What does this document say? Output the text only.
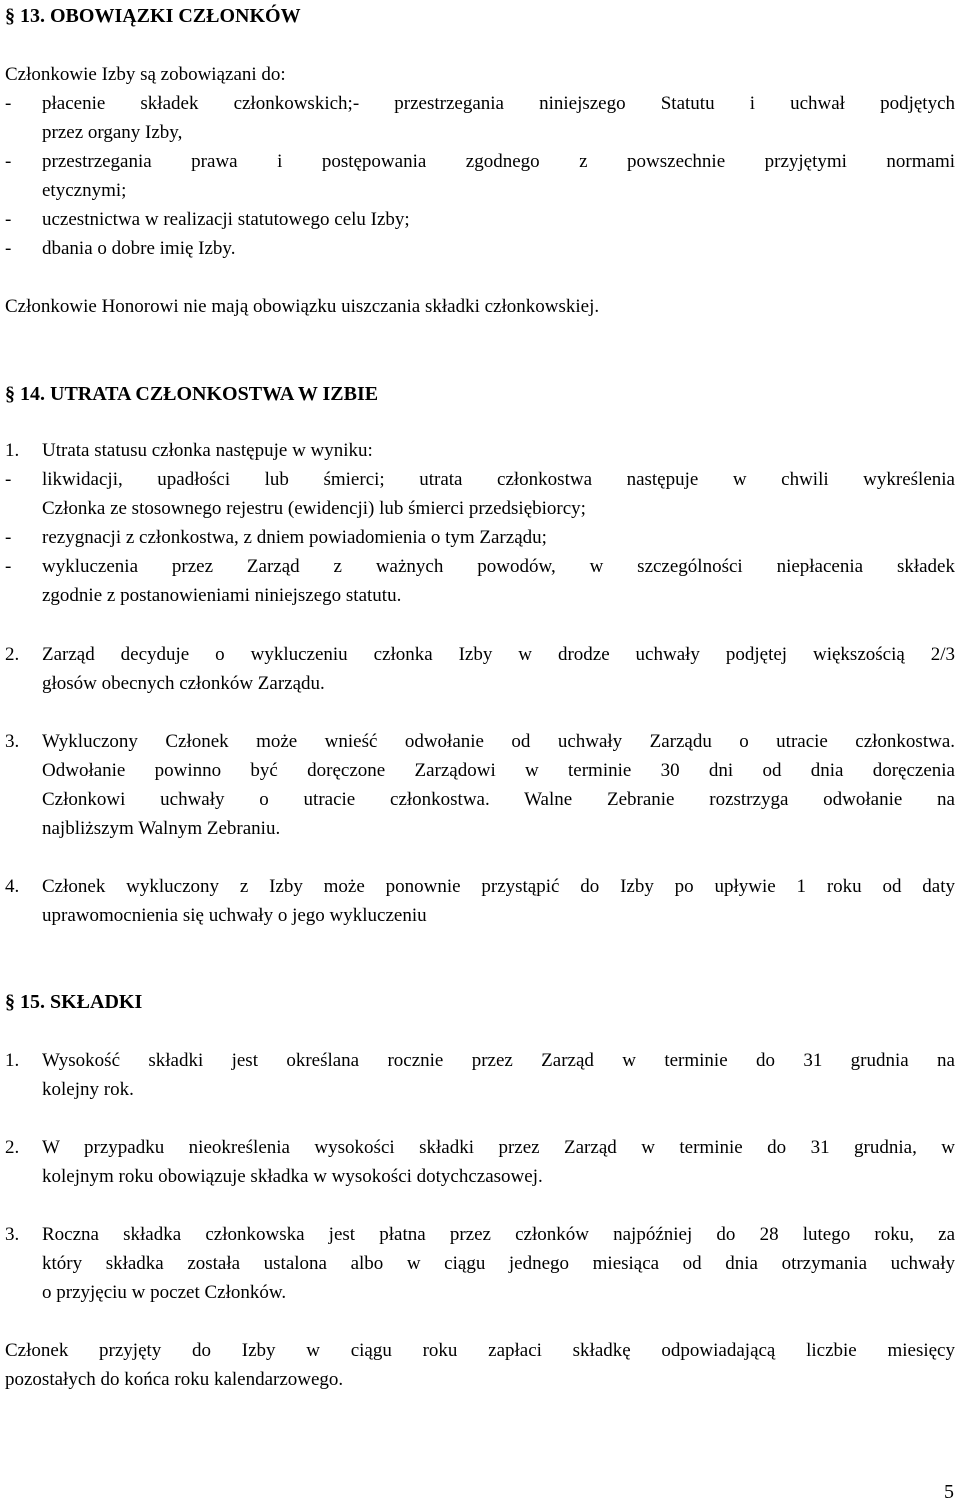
§ 13. OBOWIĄZKI CZŁONKÓW
Członkowie Izby są zobowiązani do:
- płacenie składek członkowskich;- przestrzegania niniejszego Statutu i uchwał podjętych
przez organy Izby,
- przestrzegania prawa i postępowania zgodnego z powszechnie przyjętymi normami
etycznymi;
- uczestnictwa w realizacji statutowego celu Izby;
- dbania o dobre imię Izby.
Członkowie Honorowi nie mają obowiązku uiszczania składki członkowskiej.
§ 14. UTRATA CZŁONKOSTWA W IZBIE
1. Utrata statusu członka następuje w wyniku:
- likwidacji, upadłości lub śmierci; utrata członkostwa następuje w chwili wykreślenia
Członka ze stosownego rejestru (ewidencji) lub śmierci przedsiębiorcy;
- rezygnacji z członkostwa, z dniem powiadomienia o tym Zarządu;
- wykluczenia przez Zarząd z ważnych powodów, w szczególności niepłacenia składek
zgodnie z postanowieniami niniejszego statutu.
2. Zarząd decyduje o wykluczeniu członka Izby w drodze uchwały podjętej większością 2/3
głosów obecnych członków Zarządu.
3. Wykluczony Członek może wnieść odwołanie od uchwały Zarządu o utracie członkostwa.
Odwołanie powinno być doręczone Zarządowi w terminie 30 dni od dnia doręczenia
Członkowi uchwały o utracie członkostwa. Walne Zebranie rozstrzyga odwołanie na
najbliższym Walnym Zebraniu.
4. Członek wykluczony z Izby może ponownie przystąpić do Izby po upływie 1 roku od daty
uprawomocnienia się uchwały o jego wykluczeniu
§ 15. SKŁADKI
1. Wysokość składki jest określana rocznie przez Zarząd w terminie do 31 grudnia na
kolejny rok.
2. W przypadku nieokreślenia wysokości składki przez Zarząd w terminie do 31 grudnia, w
kolejnym roku obowiązuje składka w wysokości dotychczasowej.
3. Roczna składka członkowska jest płatna przez członków najpóźniej do 28 lutego roku, za
który składka została ustalona albo w ciągu jednego miesiąca od dnia otrzymania uchwały
o przyjęciu w poczet Członków.
Członek przyjęty do Izby w ciągu roku zapłaci składkę odpowiadającą liczbie miesięcy
pozostałych do końca roku kalendarzowego.
5
